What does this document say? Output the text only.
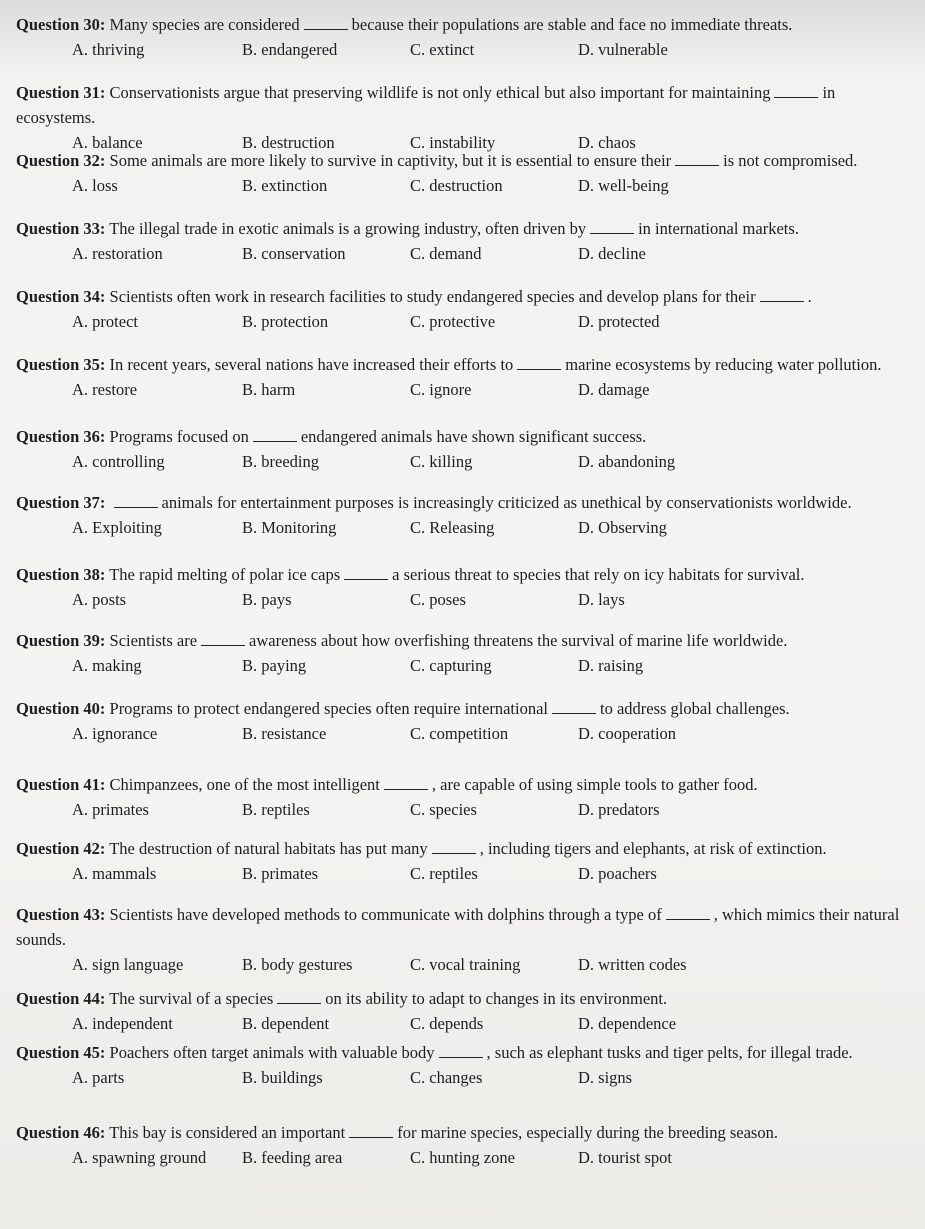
Question 30: Many species are considered	because their populations are stable and face no immediate threats.
A. thriving	B. endangered	C. extinct	D. vulnerable
Question 31: Conservationists argue that preserving wildlife is not only ethical but also important for maintaining	in ecosystems.
A. balance	B. destruction	C. instability	D. chaos
Question 32: Some animals are more likely to survive in captivity, but it is essential to ensure their	is not compromised.
A. loss	B. extinction	C. destruction	D. well-being
Question 33: The illegal trade in exotic animals is a growing industry, often driven by	in international markets.
A. restoration	B. conservation	C. demand	D. decline
Question 34: Scientists often work in research facilities to study endangered species and develop plans for their	.
A. protect	B. protection	C. protective	D. protected
Question 35: In recent years, several nations have increased their efforts to	marine ecosystems by reducing water pollution.
A. restore	B. harm	C. ignore	D. damage
Question 36: Programs focused on	endangered animals have shown significant success.
A. controlling	B. breeding	C. killing	D. abandoning
Question 37:	animals for entertainment purposes is increasingly criticized as unethical by conservationists worldwide.
A. Exploiting	B. Monitoring	C. Releasing	D. Observing
Question 38: The rapid melting of polar ice caps	a serious threat to species that rely on icy habitats for survival.
A. posts	B. pays	C. poses	D. lays
Question 39: Scientists are	awareness about how overfishing threatens the survival of marine life worldwide.
A. making	B. paying	C. capturing	D. raising
Question 40: Programs to protect endangered species often require international	to address global challenges.
A. ignorance	B. resistance	C. competition	D. cooperation
Question 41: Chimpanzees, one of the most intelligent	, are capable of using simple tools to gather food.
A. primates	B. reptiles	C. species	D. predators
Question 42: The destruction of natural habitats has put many	, including tigers and elephants, at risk of extinction.
A. mammals	B. primates	C. reptiles	D. poachers
Question 43: Scientists have developed methods to communicate with dolphins through a type of	, which mimics their natural sounds.
A. sign language	B. body gestures	C. vocal training	D. written codes
Question 44: The survival of a species	on its ability to adapt to changes in its environment.
A. independent	B. dependent	C. depends	D. dependence
Question 45: Poachers often target animals with valuable body	, such as elephant tusks and tiger pelts, for illegal trade.
A. parts	B. buildings	C. changes	D. signs
Question 46: This bay is considered an important	for marine species, especially during the breeding season.
A. spawning ground	B. feeding area	C. hunting zone	D. tourist spot
